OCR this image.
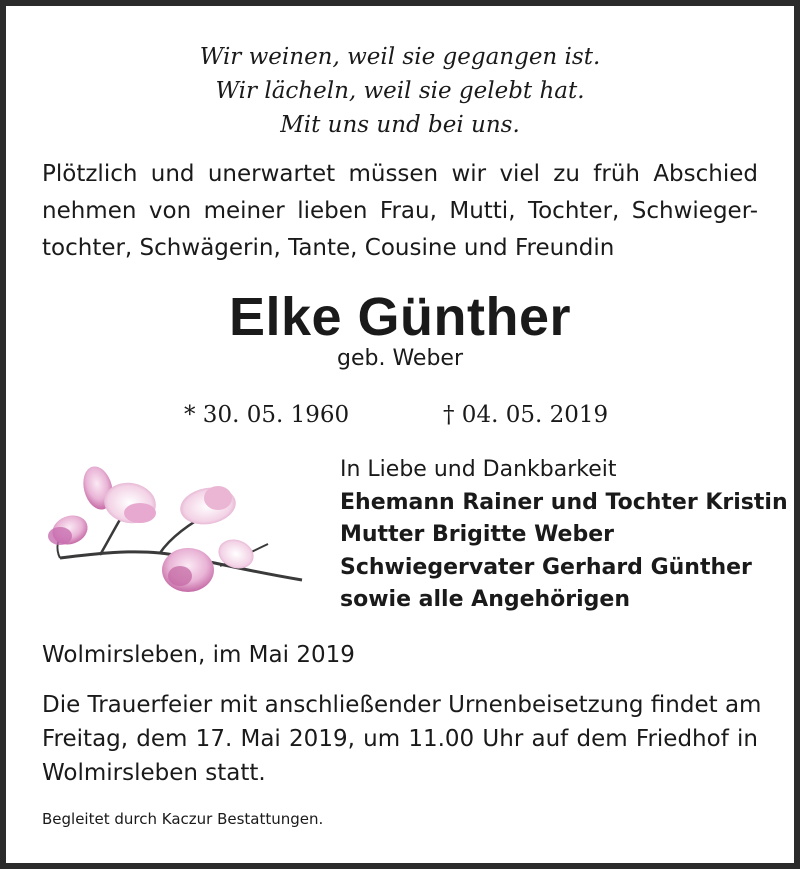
Wir weinen, weil sie gegangen ist.
Wir lächeln, weil sie gelebt hat.
Mit uns und bei uns.
Plötzlich und unerwartet müssen wir viel zu früh Abschied
nehmen von meiner lieben Frau, Mutti, Tochter, Schwieger-
tochter, Schwägerin, Tante, Cousine und Freundin
Elke Günther
geb. Weber
* 30. 05. 1960	† 04. 05. 2019
In Liebe und Dankbarkeit
Ehemann Rainer und Tochter Kristin
Mutter Brigitte Weber
Schwiegervater Gerhard Günther
sowie alle Angehörigen
Wolmirsleben, im Mai 2019
Die Trauerfeier mit anschließender Urnenbeisetzung findet am
Freitag, dem 17. Mai 2019, um 11.00 Uhr auf dem Friedhof in
Wolmirsleben statt.
Begleitet durch Kaczur Bestattungen.
